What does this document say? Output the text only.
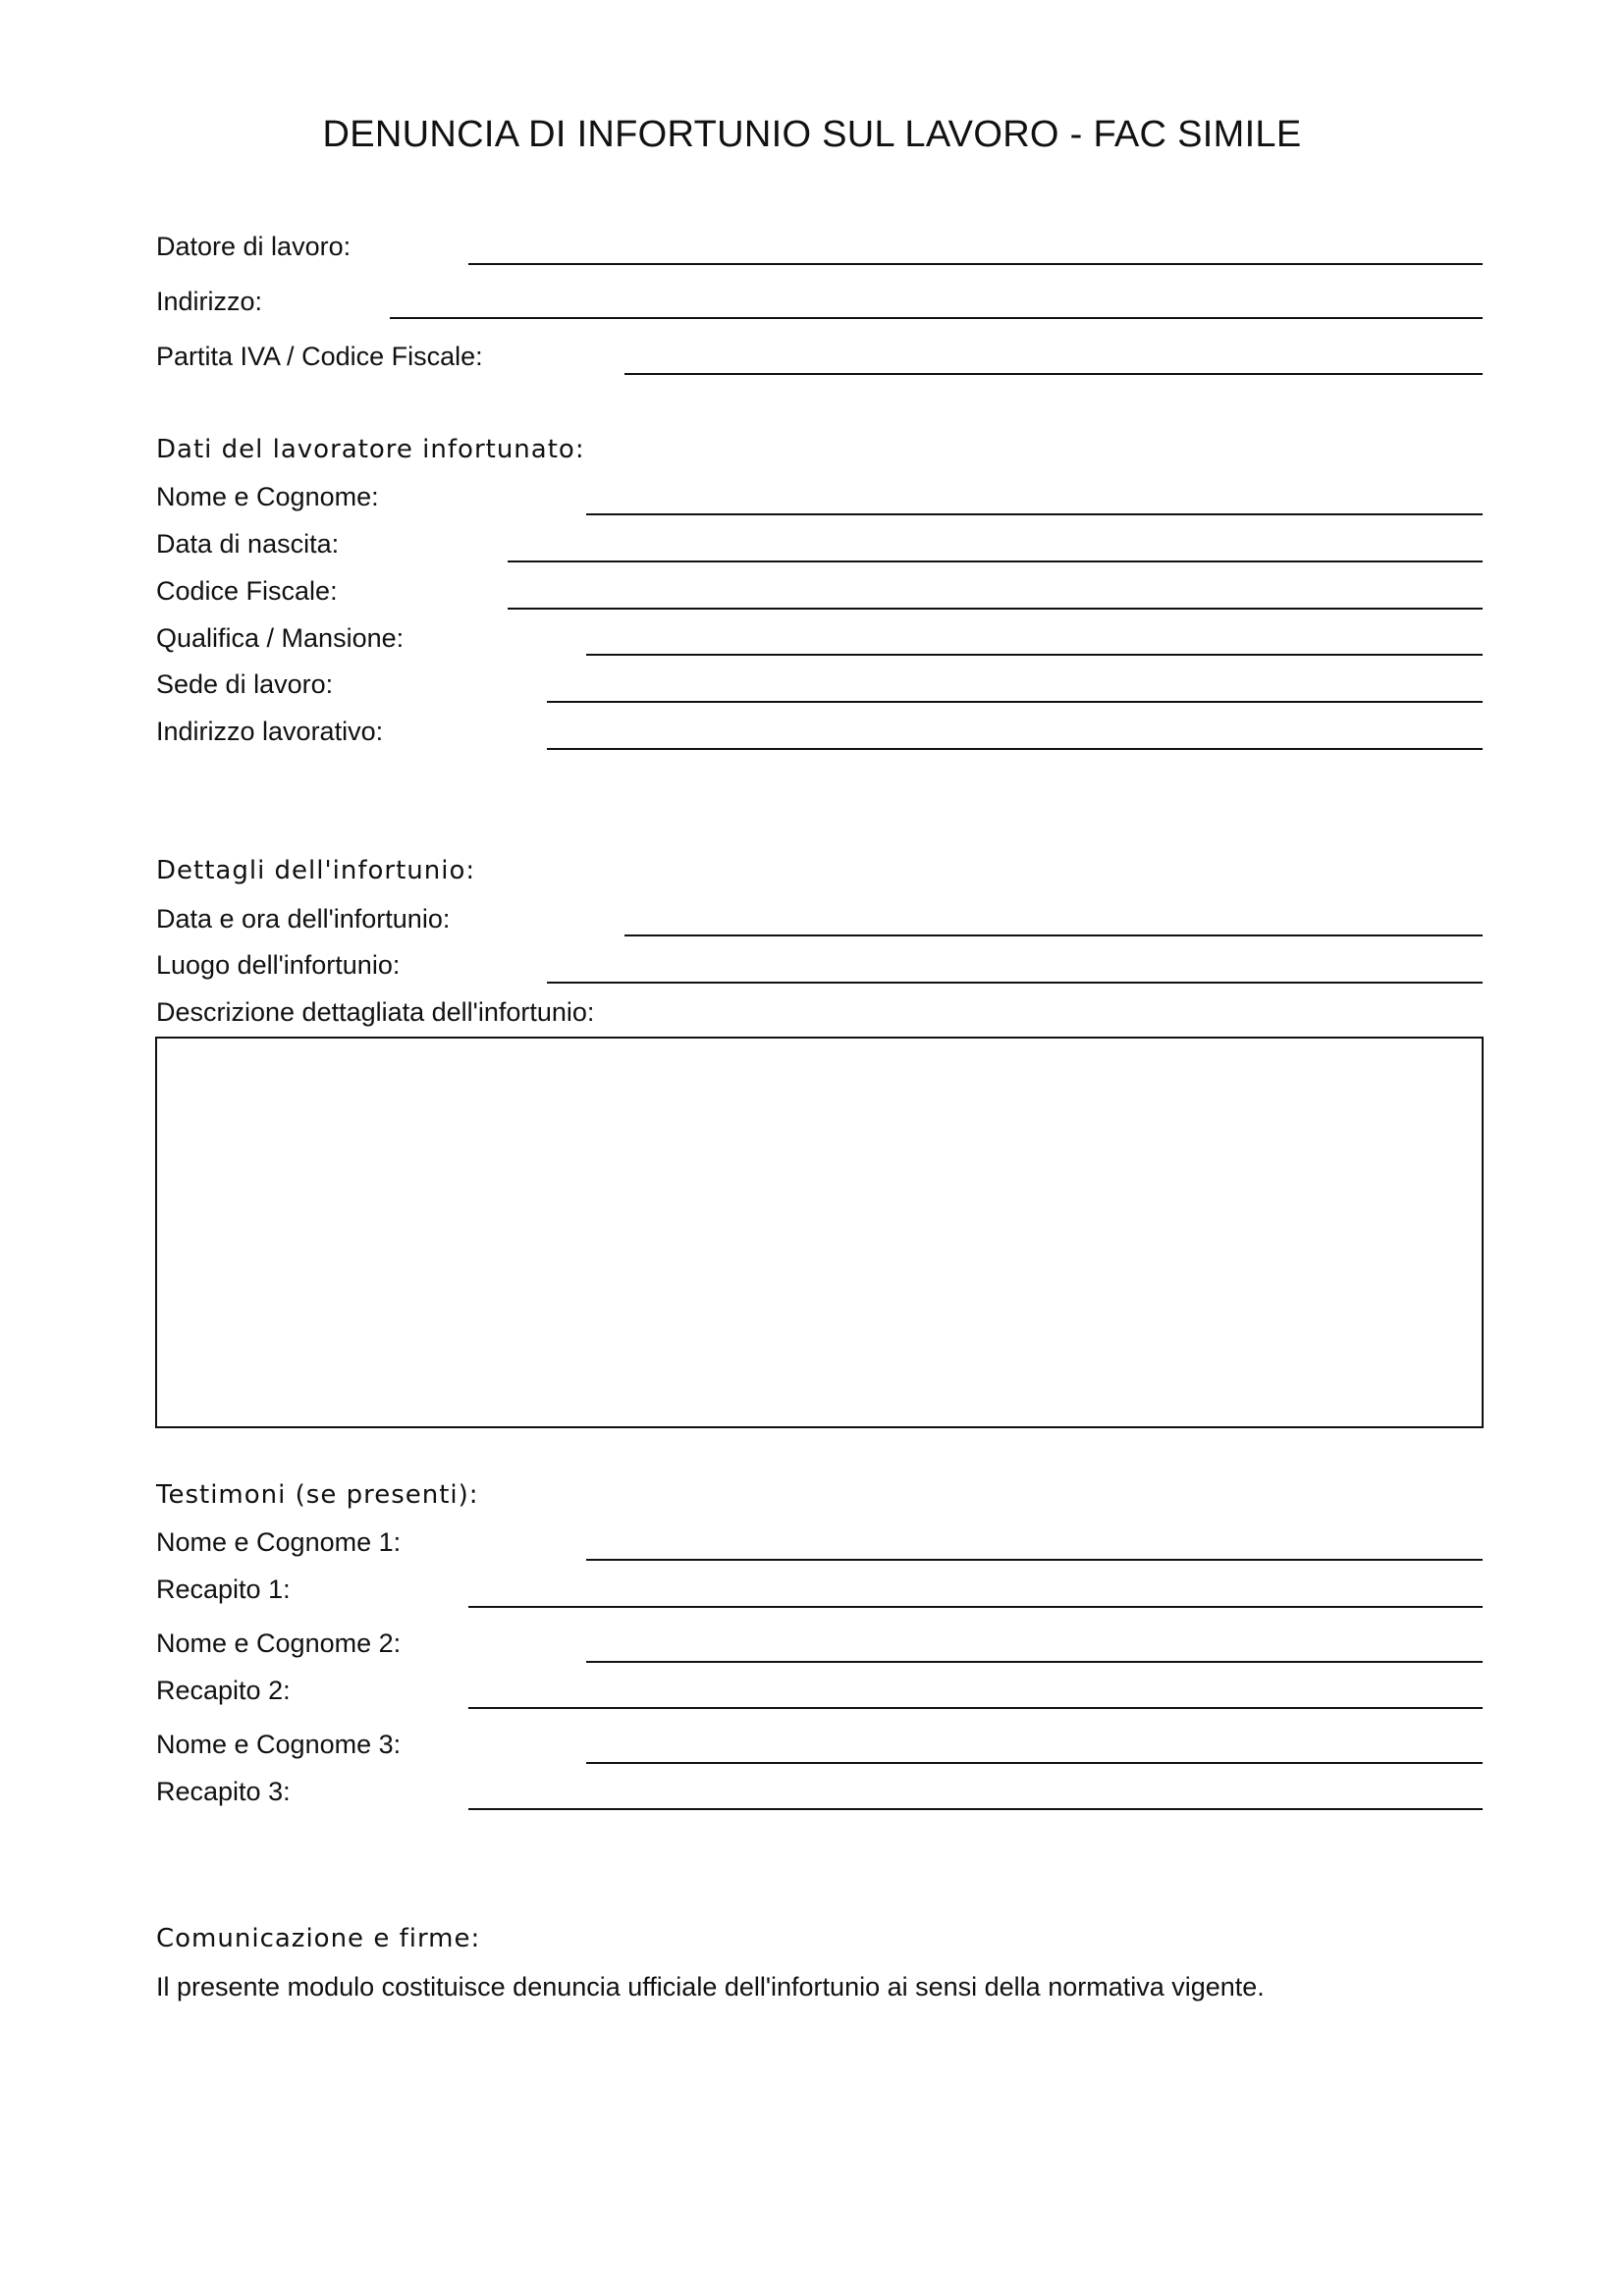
DENUNCIA DI INFORTUNIO SUL LAVORO - FAC SIMILE
Datore di lavoro:
Indirizzo:
Partita IVA / Codice Fiscale:
Dati del lavoratore infortunato:
Nome e Cognome:
Data di nascita:
Codice Fiscale:
Qualifica / Mansione:
Sede di lavoro:
Indirizzo lavorativo:
Dettagli dell'infortunio:
Data e ora dell'infortunio:
Luogo dell'infortunio:
Descrizione dettagliata dell'infortunio:
Testimoni (se presenti):
Nome e Cognome 1:
Recapito 1:
Nome e Cognome 2:
Recapito 2:
Nome e Cognome 3:
Recapito 3:
Comunicazione e firme:
Il presente modulo costituisce denuncia ufficiale dell'infortunio ai sensi della normativa vigente.
